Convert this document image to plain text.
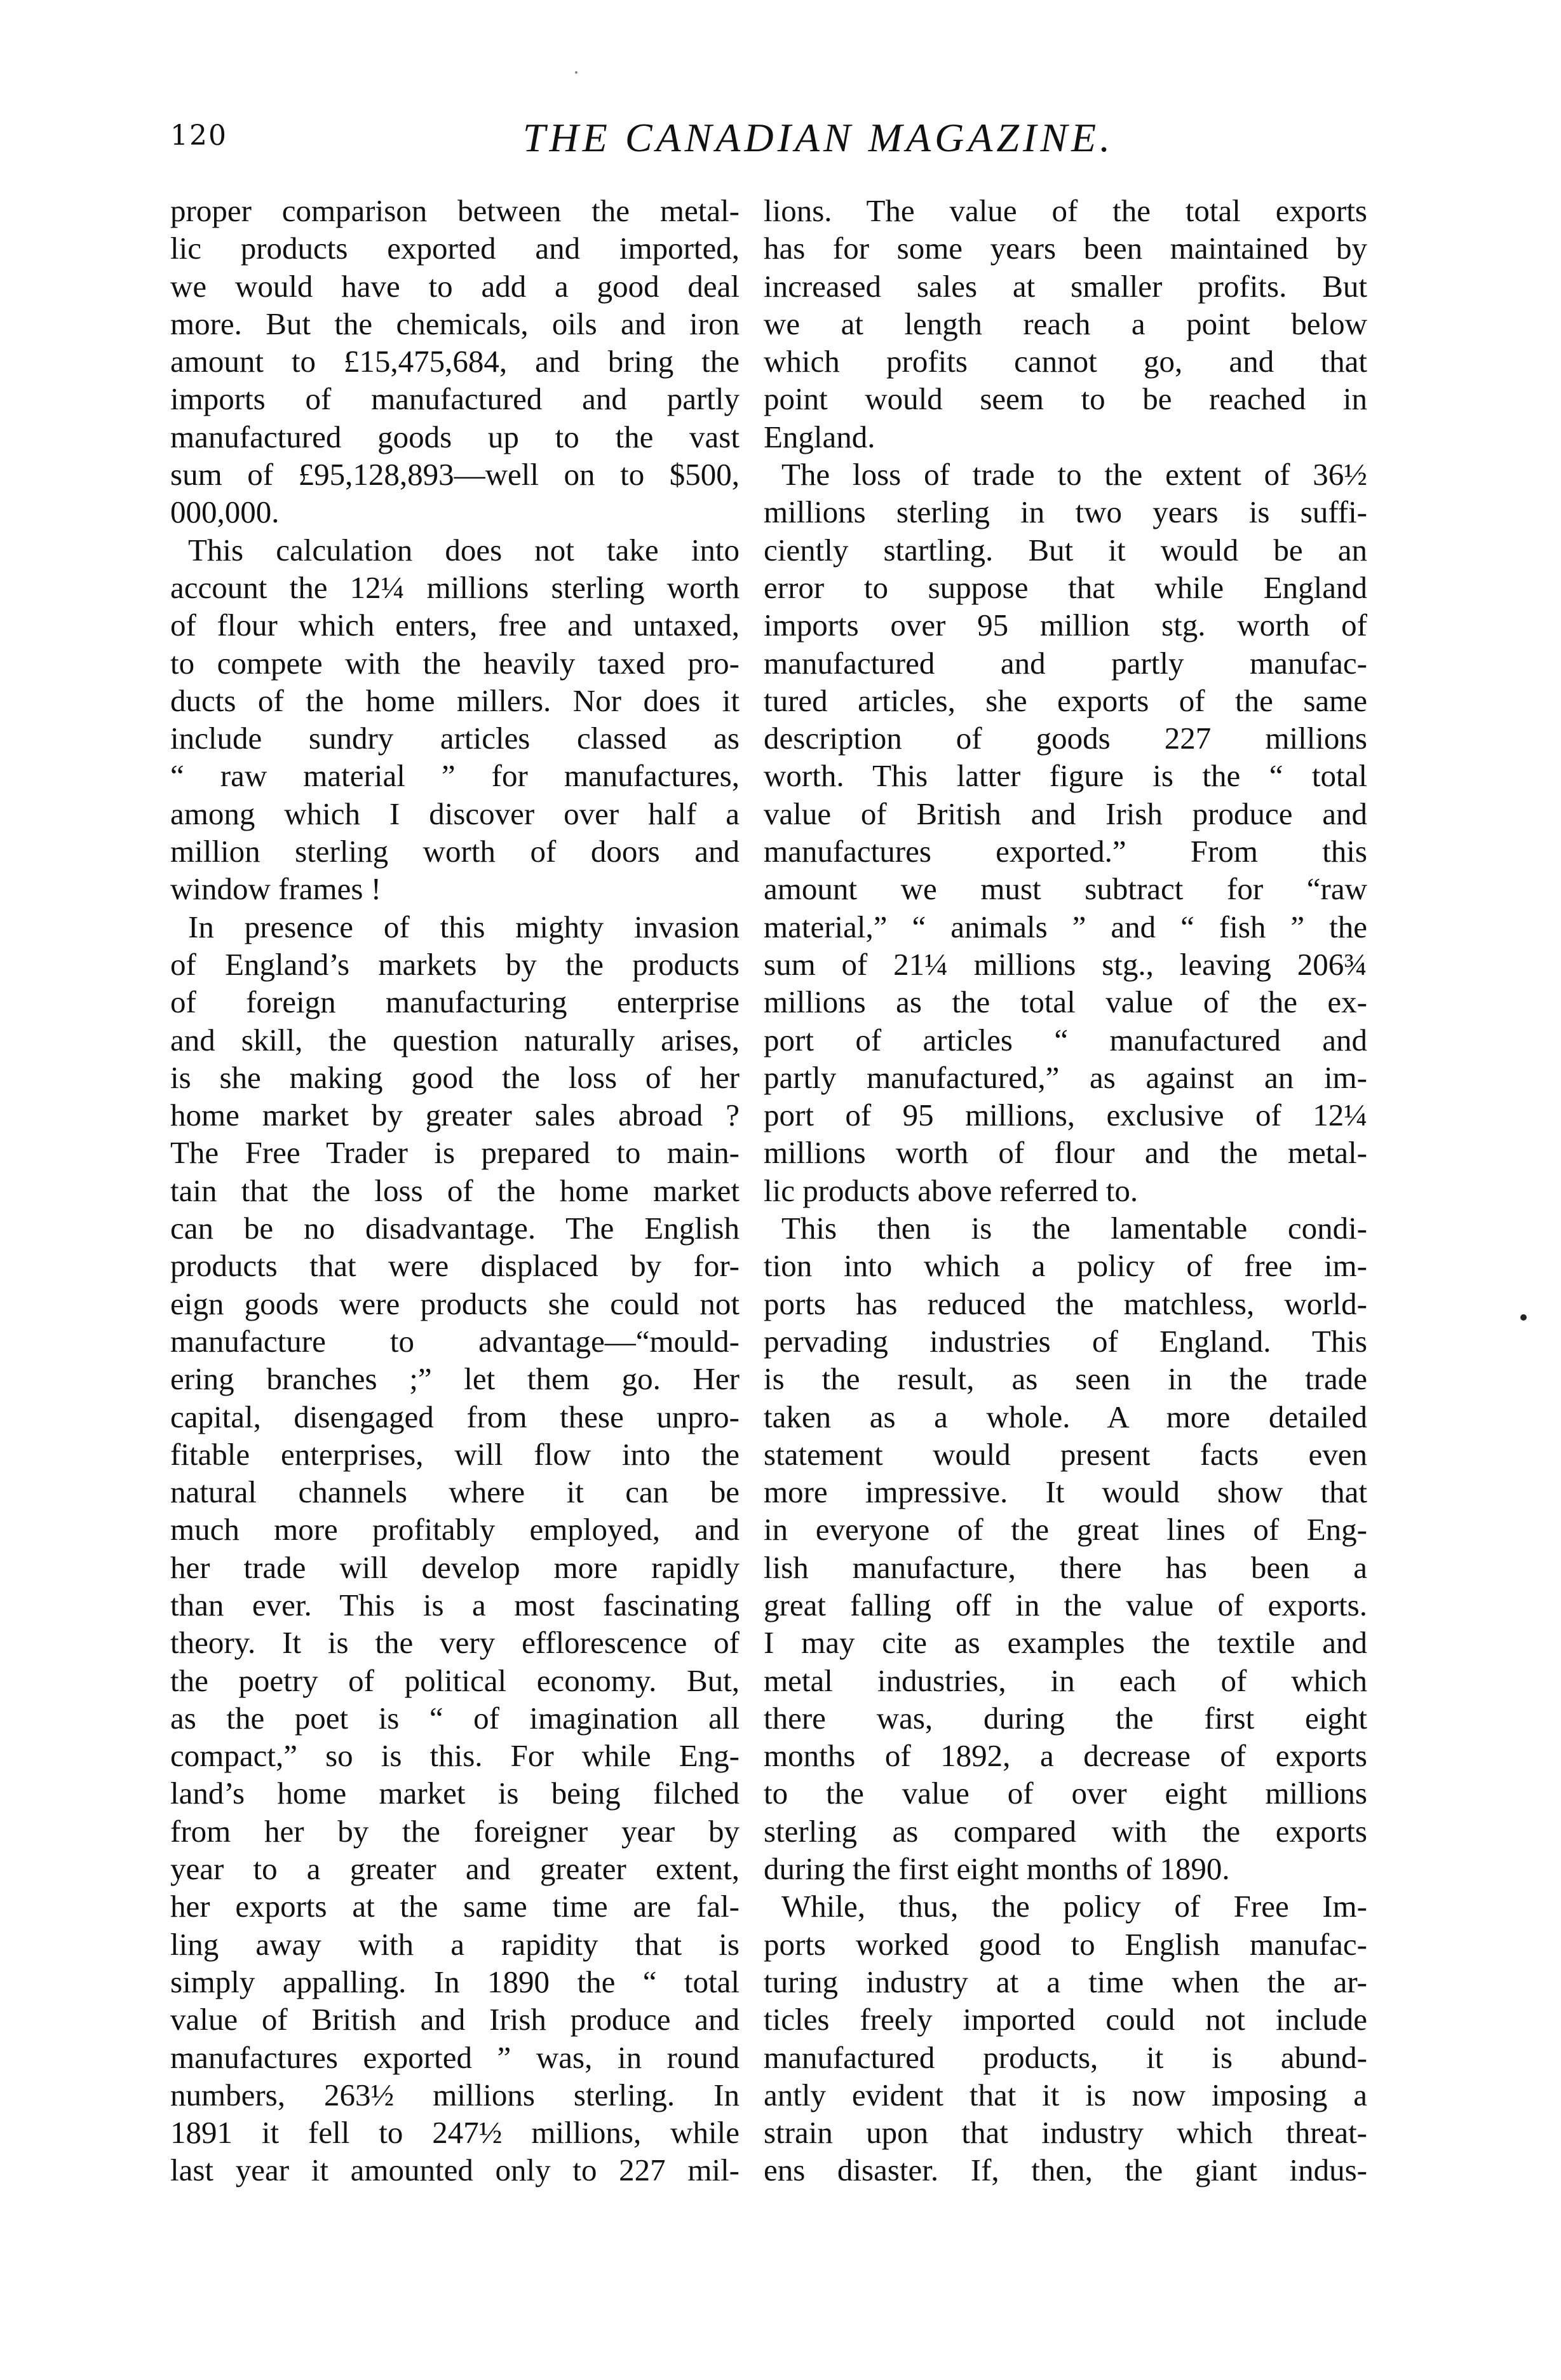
120	THE CANADIAN MAGAZINE.
proper comparison between the metal-
lic products exported and imported,
we would have to add a good deal
more. But the chemicals, oils and iron
amount to £15,475,684, and bring the
imports of manufactured and partly
manufactured goods up to the vast
sum of £95,128,893—well on to $500,
000,000.
This calculation does not take into
account the 12¼ millions sterling worth
of flour which enters, free and untaxed,
to compete with the heavily taxed pro-
ducts of the home millers. Nor does it
include sundry articles classed as
“ raw material ” for manufactures,
among which I discover over half a
million sterling worth of doors and
window frames !
In presence of this mighty invasion
of England’s markets by the products
of foreign manufacturing enterprise
and skill, the question naturally arises,
is she making good the loss of her
home market by greater sales abroad ?
The Free Trader is prepared to main-
tain that the loss of the home market
can be no disadvantage. The English
products that were displaced by for-
eign goods were products she could not
manufacture to advantage—“mould-
ering branches ;” let them go. Her
capital, disengaged from these unpro-
fitable enterprises, will flow into the
natural channels where it can be
much more profitably employed, and
her trade will develop more rapidly
than ever. This is a most fascinating
theory. It is the very efflorescence of
the poetry of political economy. But,
as the poet is “ of imagination all
compact,” so is this. For while Eng-
land’s home market is being filched
from her by the foreigner year by
year to a greater and greater extent,
her exports at the same time are fal-
ling away with a rapidity that is
simply appalling. In 1890 the “ total
value of British and Irish produce and
manufactures exported ” was, in round
numbers, 263½ millions sterling. In
1891 it fell to 247½ millions, while
last year it amounted only to 227 mil-
lions. The value of the total exports
has for some years been maintained by
increased sales at smaller profits. But
we at length reach a point below
which profits cannot go, and that
point would seem to be reached in
England.
The loss of trade to the extent of 36½
millions sterling in two years is suffi-
ciently startling. But it would be an
error to suppose that while England
imports over 95 million stg. worth of
manufactured and partly manufac-
tured articles, she exports of the same
description of goods 227 millions
worth. This latter figure is the “ total
value of British and Irish produce and
manufactures exported.” From this
amount we must subtract for “raw
material,” “ animals ” and “ fish ” the
sum of 21¼ millions stg., leaving 206¾
millions as the total value of the ex-
port of articles “ manufactured and
partly manufactured,” as against an im-
port of 95 millions, exclusive of 12¼
millions worth of flour and the metal-
lic products above referred to.
This then is the lamentable condi-
tion into which a policy of free im-
ports has reduced the matchless, world-
pervading industries of England. This
is the result, as seen in the trade
taken as a whole. A more detailed
statement would present facts even
more impressive. It would show that
in everyone of the great lines of Eng-
lish manufacture, there has been a
great falling off in the value of exports.
I may cite as examples the textile and
metal industries, in each of which
there was, during the first eight
months of 1892, a decrease of exports
to the value of over eight millions
sterling as compared with the exports
during the first eight months of 1890.
While, thus, the policy of Free Im-
ports worked good to English manufac-
turing industry at a time when the ar-
ticles freely imported could not include
manufactured products, it is abund-
antly evident that it is now imposing a
strain upon that industry which threat-
ens disaster. If, then, the giant indus-
